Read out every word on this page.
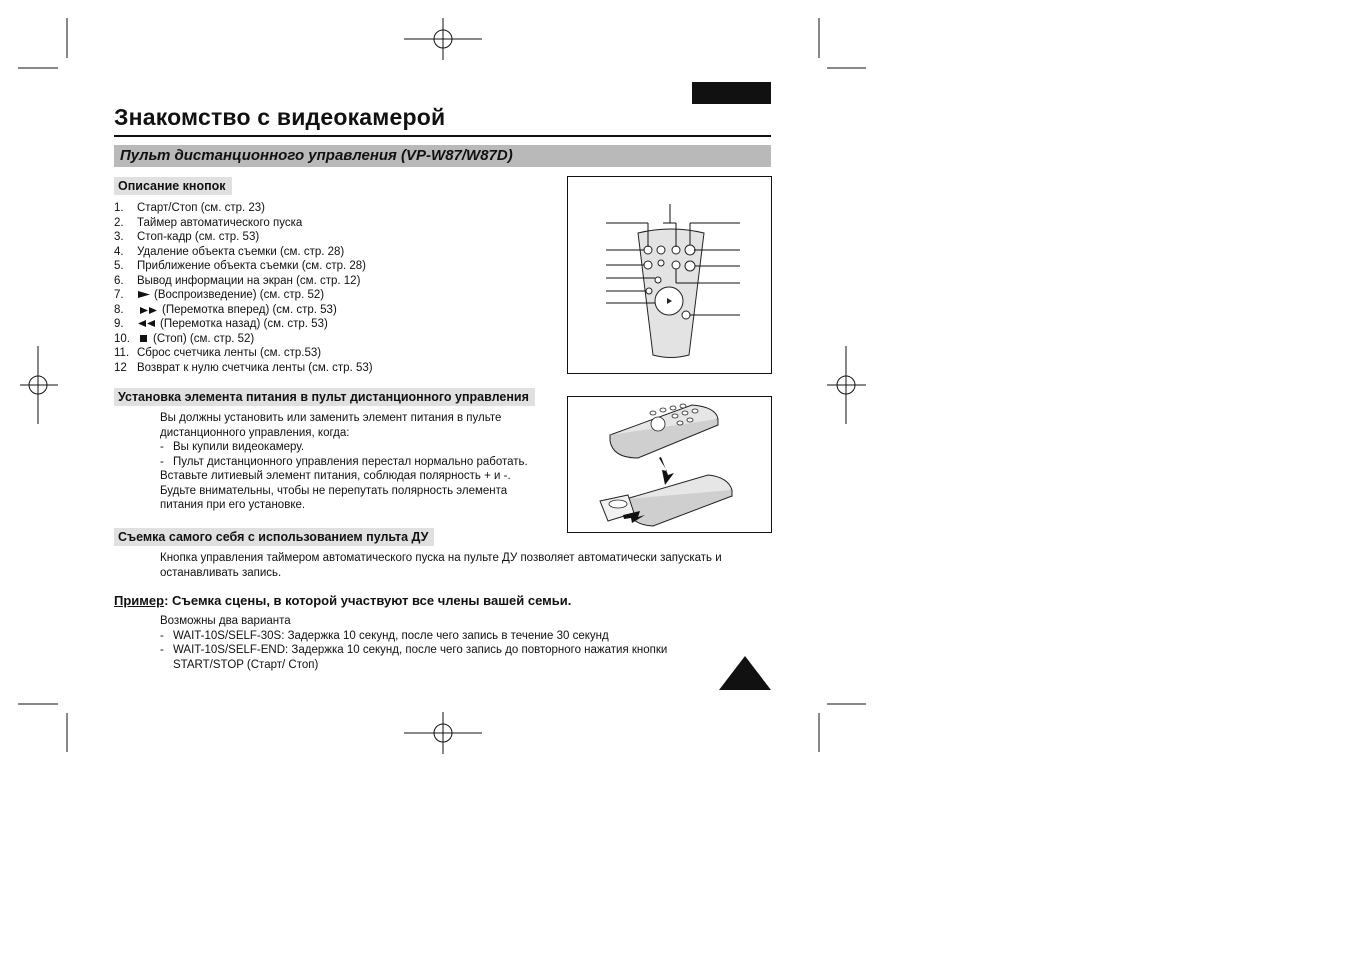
Знакомство с видеокамерой
Пульт дистанционного управления (VP-W87/W87D)
Описание кнопок
1. Старт/Стоп (см. стр. 23)
2. Таймер автоматического пуска
3. Стоп-кадр (см. стр. 53)
4. Удаление объекта съемки (см. стр. 28)
5. Приближение объекта съемки (см. стр. 28)
6. Вывод информации на экран (см. стр. 12)
7.	(Воспроизведение) (см. стр. 52)
8.	(Перемотка вперед) (см. стр. 53)
9.	(Перемотка назад) (см. стр. 53)
10. (Стоп) (см. стр. 52)
11. Сброс счетчика ленты (см. стр.53)
12 Возврат к нулю счетчика ленты (см. стр. 53)
Установка элемента питания в пульт дистанционного управления

Вы должны установить или заменить элемент питания в пульте

дистанционного управления, когда:

- Вы купили видеокамеру.

- Пульт дистанционного управления перестал нормально работать.

Вставьте литиевый элемент питания, соблюдая полярность + и -.

Будьте внимательны, чтобы не перепутать полярность элемента

питания при его установке.

Съемка самого себя с использованием пульта ДУ

Кнопка управления таймером автоматического пуска на пульте ДУ позволяет автоматически запускать и

останавливать запись.

Пример: Съемка сцены, в которой участвуют все члены вашей семьи.

Возможны два варианта

- WAIT-10S/SELF-30S: Задержка 10 секунд, после чего запись в течение 30 секунд

- WAIT-10S/SELF-END: Задержка 10 секунд, после чего запись до повторного нажатия кнопки

START/STOP (Старт/ Стоп)
